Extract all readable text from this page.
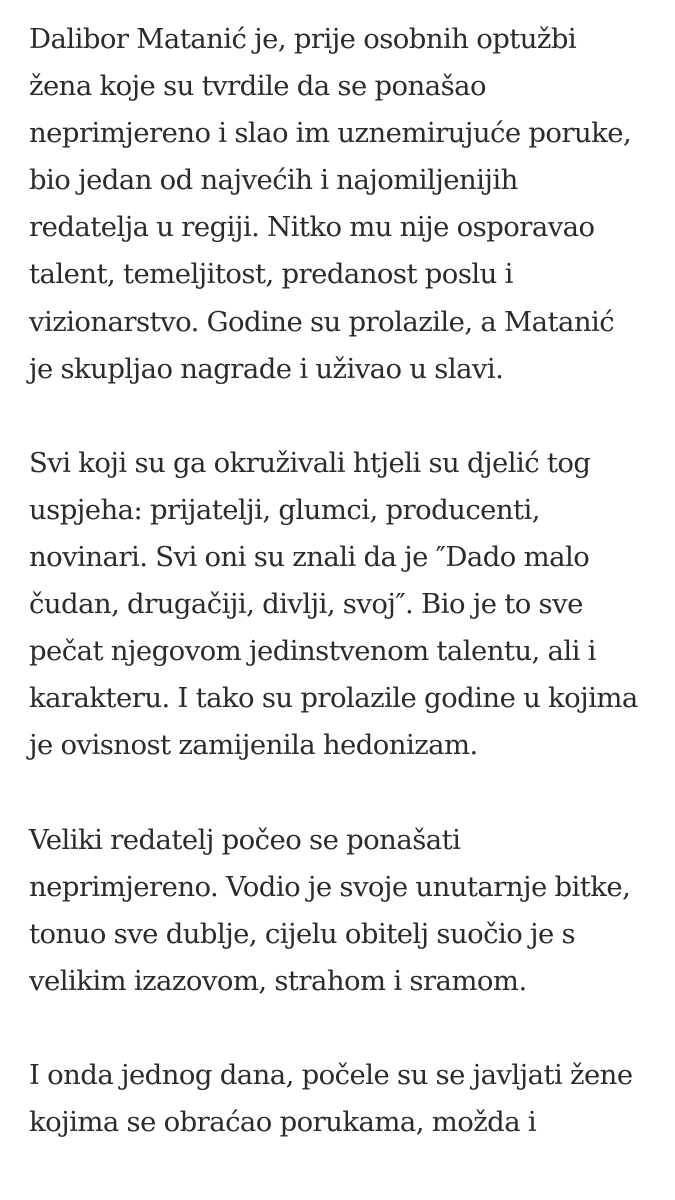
Dalibor Matanić je, prije osobnih optužbi
žena koje su tvrdile da se ponašao
neprimjereno i slao im uznemirujuće poruke,
bio jedan od najvećih i najomiljenijih
redatelja u regiji. Nitko mu nije osporavao
talent, temeljitost, predanost poslu i
vizionarstvo. Godine su prolazile, a Matanić
je skupljao nagrade i uživao u slavi.

Svi koji su ga okruživali htjeli su djelić tog
uspjeha: prijatelji, glumci, producenti,
novinari. Svi oni su znali da je ″Dado malo
čudan, drugačiji, divlji, svoj″. Bio je to sve
pečat njegovom jedinstvenom talentu, ali i
karakteru. I tako su prolazile godine u kojima
je ovisnost zamijenila hedonizam.

Veliki redatelj počeo se ponašati
neprimjereno. Vodio je svoje unutarnje bitke,
tonuo sve dublje, cijelu obitelj suočio je s
velikim izazovom, strahom i sramom.

I onda jednog dana, počele su se javljati žene
kojima se obraćao porukama, možda i
